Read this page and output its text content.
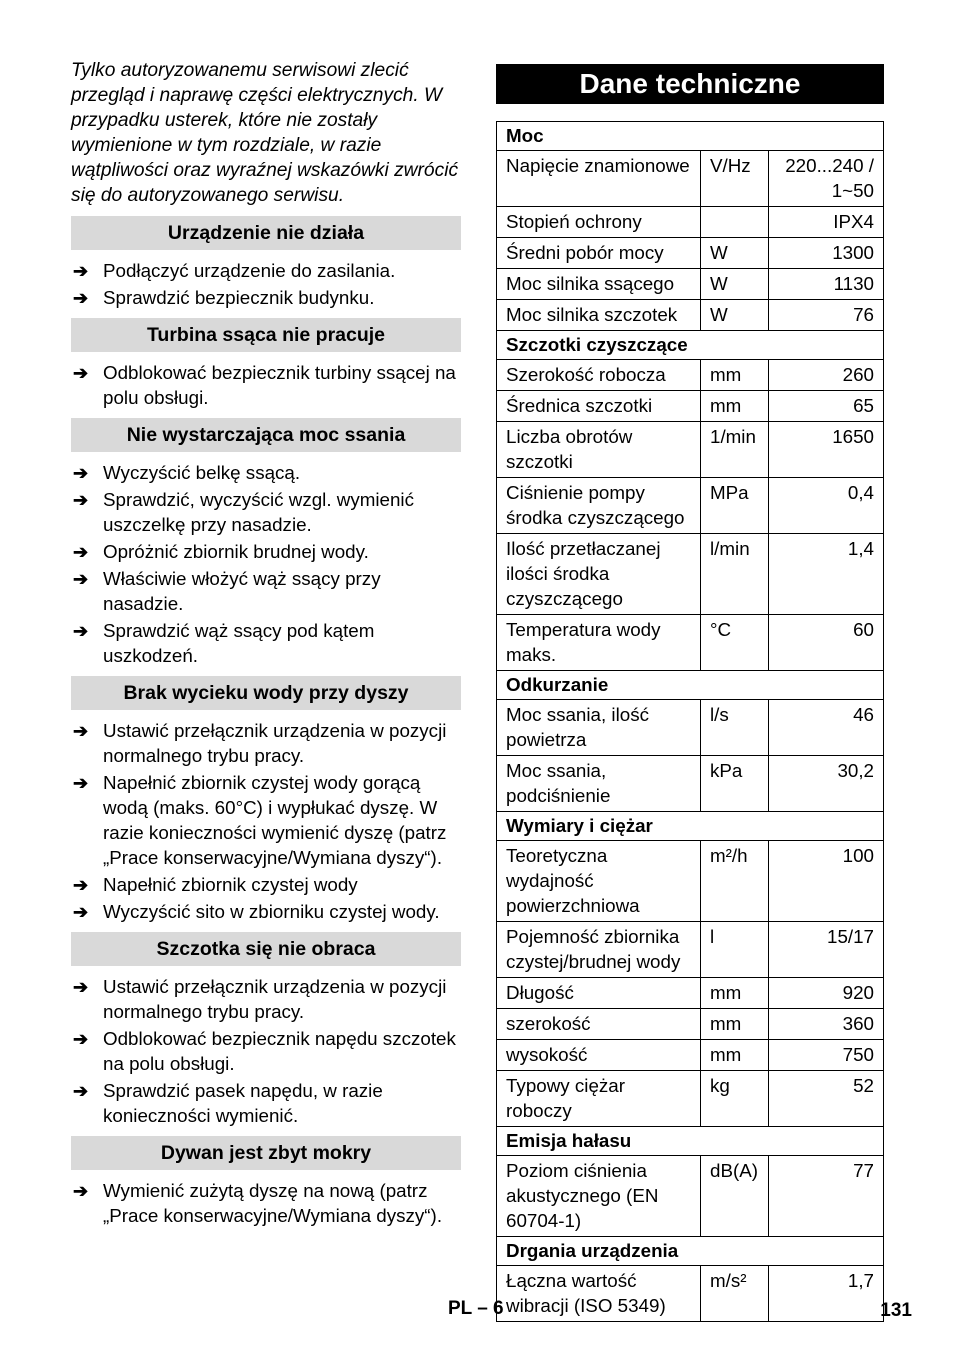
Tylko autoryzowanemu serwisowi zlecić przegląd i naprawę części elektrycznych. W przypadku usterek, które nie zostały wymienione w tym rozdziale, w razie wątpliwości oraz wyraźnej wskazówki zwrócić się do autoryzowanego serwisu.

Urządzenie nie działa
➔ Podłączyć urządzenie do zasilania.
➔ Sprawdzić bezpiecznik budynku.
Turbina ssąca nie pracuje
➔ Odblokować bezpiecznik turbiny ssącej na polu obsługi.
Nie wystarczająca moc ssania
➔ Wyczyścić belkę ssącą.
➔ Sprawdzić, wyczyścić wzgl. wymienić uszczelkę przy nasadzie.
➔ Opróżnić zbiornik brudnej wody.
➔ Właściwie włożyć wąż ssący przy nasadzie.
➔ Sprawdzić wąż ssący pod kątem uszkodzeń.
Brak wycieku wody przy dyszy
➔ Ustawić przełącznik urządzenia w pozycji normalnego trybu pracy.
➔ Napełnić zbiornik czystej wody gorącą wodą (maks. 60°C) i wypłukać dyszę. W razie konieczności wymienić dyszę (patrz „Prace konserwacyjne/Wymiana dyszy“).
➔ Napełnić zbiornik czystej wody
➔ Wyczyścić sito w zbiorniku czystej wody.
Szczotka się nie obraca
➔ Ustawić przełącznik urządzenia w pozycji normalnego trybu pracy.
➔ Odblokować bezpiecznik napędu szczotek na polu obsługi.
➔ Sprawdzić pasek napędu, w razie konieczności wymienić.
Dywan jest zbyt mokry
➔ Wymienić zużytą dyszę na nową (patrz „Prace konserwacyjne/Wymiana dyszy“).
Dane techniczne
Moc		
Napięcie znamionowe	V/Hz	220...240 / 1~50
Stopień ochrony		IPX4
Średni pobór mocy	W	1300
Moc silnika ssącego	W	1130
Moc silnika szczotek	W	76
Szczotki czyszczące		
Szerokość robocza	mm	260
Średnica szczotki	mm	65
Liczba obrotów szczotki	1/min	1650
Ciśnienie pompy środka czyszczącego	MPa	0,4
Ilość przetłaczanej ilości środka czyszczącego	l/min	1,4
Temperatura wody maks.	°C	60
Odkurzanie		
Moc ssania, ilość powietrza	l/s	46
Moc ssania, podciśnienie	kPa	30,2
Wymiary i ciężar		
Teoretyczna wydajność powierzchniowa	m²/h	100
Pojemność zbiornika czystej/brudnej wody	l	15/17
Długość	mm	920
szerokość	mm	360
wysokość	mm	750
Typowy ciężar roboczy	kg	52
Emisja hałasu		
Poziom ciśnienia akustycznego (EN 60704-1)	dB(A)	77
Drgania urządzenia		
Łączna wartość wibracji (ISO 5349)	m/s²	1,7
PL – 6	131
